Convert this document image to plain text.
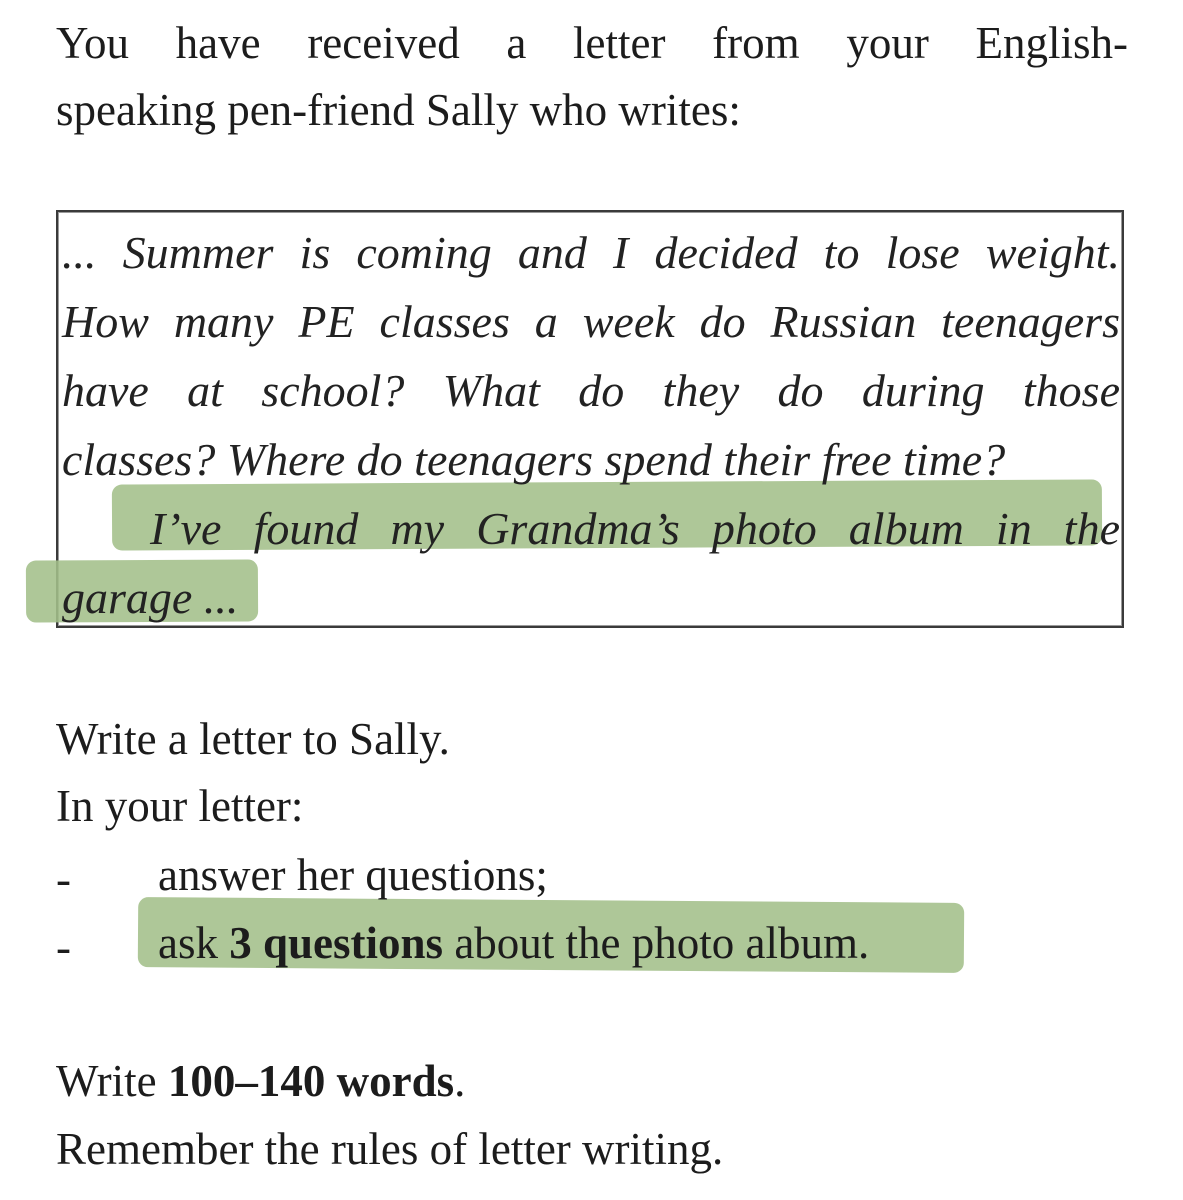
You have received a letter from your English-
speaking pen-friend Sally who writes:

... Summer is coming and I decided to lose weight.
How many PE classes a week do Russian teenagers
have at school? What do they do during those
classes? Where do teenagers spend their free time?
I’ve found my Grandma’s photo album in the
garage ...

Write a letter to Sally.

In your letter:

- answer her questions;
- ask 3 questions about the photo album.

Write 100–140 words.

Remember the rules of letter writing.
